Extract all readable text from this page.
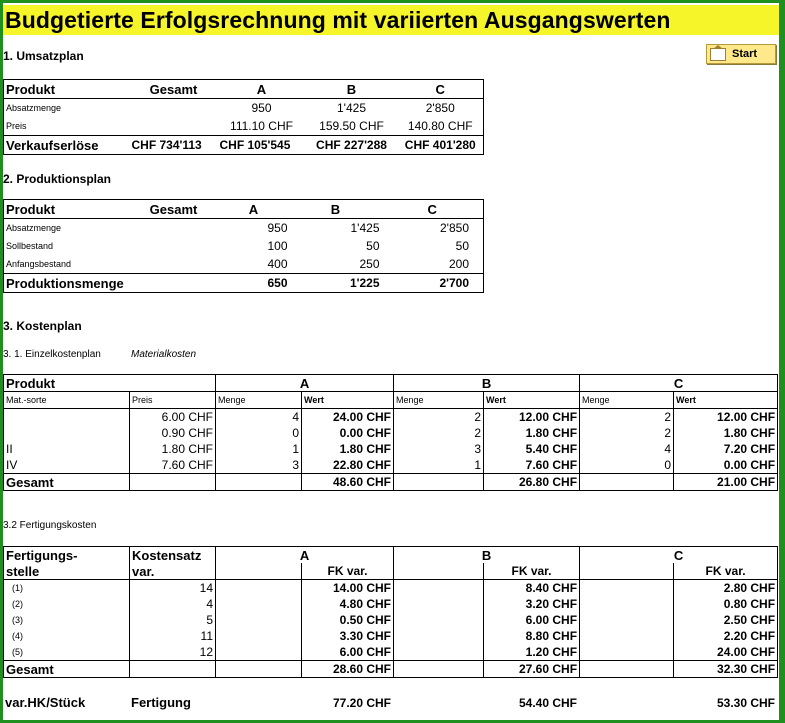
Budgetierte Erfolgsrechnung mit variierten Ausgangswerten
Start
1. Umsatzplan
Produkt	Gesamt	A	B	C
Absatzmenge		950	1'425	2'850
Preis		111.10 CHF	159.50 CHF	140.80 CHF
Verkaufserlöse	CHF 734'113	CHF 105'545	CHF 227'288	CHF 401'280
2. Produktionsplan
Produkt	Gesamt	A	B	C
Absatzmenge		950	1'425	2'850
Sollbestand		100	50	50
Anfangsbestand		400	250	200
Produktionsmenge		650	1'225	2'700
3. Kostenplan
3. 1. Einzelkostenplan	Materialkosten
Produkt		A		B		C	
Mat.-sorte	Preis	Menge	Wert	Menge	Wert	Menge	Wert
	6.00 CHF	4	24.00 CHF	2	12.00 CHF	2	12.00 CHF
	0.90 CHF	0	0.00 CHF	2	1.80 CHF	2	1.80 CHF
II	1.80 CHF	1	1.80 CHF	3	5.40 CHF	4	7.20 CHF
IV	7.60 CHF	3	22.80 CHF	1	7.60 CHF	0	0.00 CHF
Gesamt			48.60 CHF		26.80 CHF		21.00 CHF
3.2 Fertigungskosten
Fertigungs-	Kostensatz	A		B		C	
stelle	var.		FK var.		FK var.		FK var.
(1)	14		14.00 CHF		8.40 CHF		2.80 CHF
(2)	4		4.80 CHF		3.20 CHF		0.80 CHF
(3)	5		0.50 CHF		6.00 CHF		2.50 CHF
(4)	11		3.30 CHF		8.80 CHF		2.20 CHF
(5)	12		6.00 CHF		1.20 CHF		24.00 CHF
Gesamt			28.60 CHF		27.60 CHF		32.30 CHF
var.HK/Stück	Fertigung		77.20 CHF		54.40 CHF		53.30 CHF
